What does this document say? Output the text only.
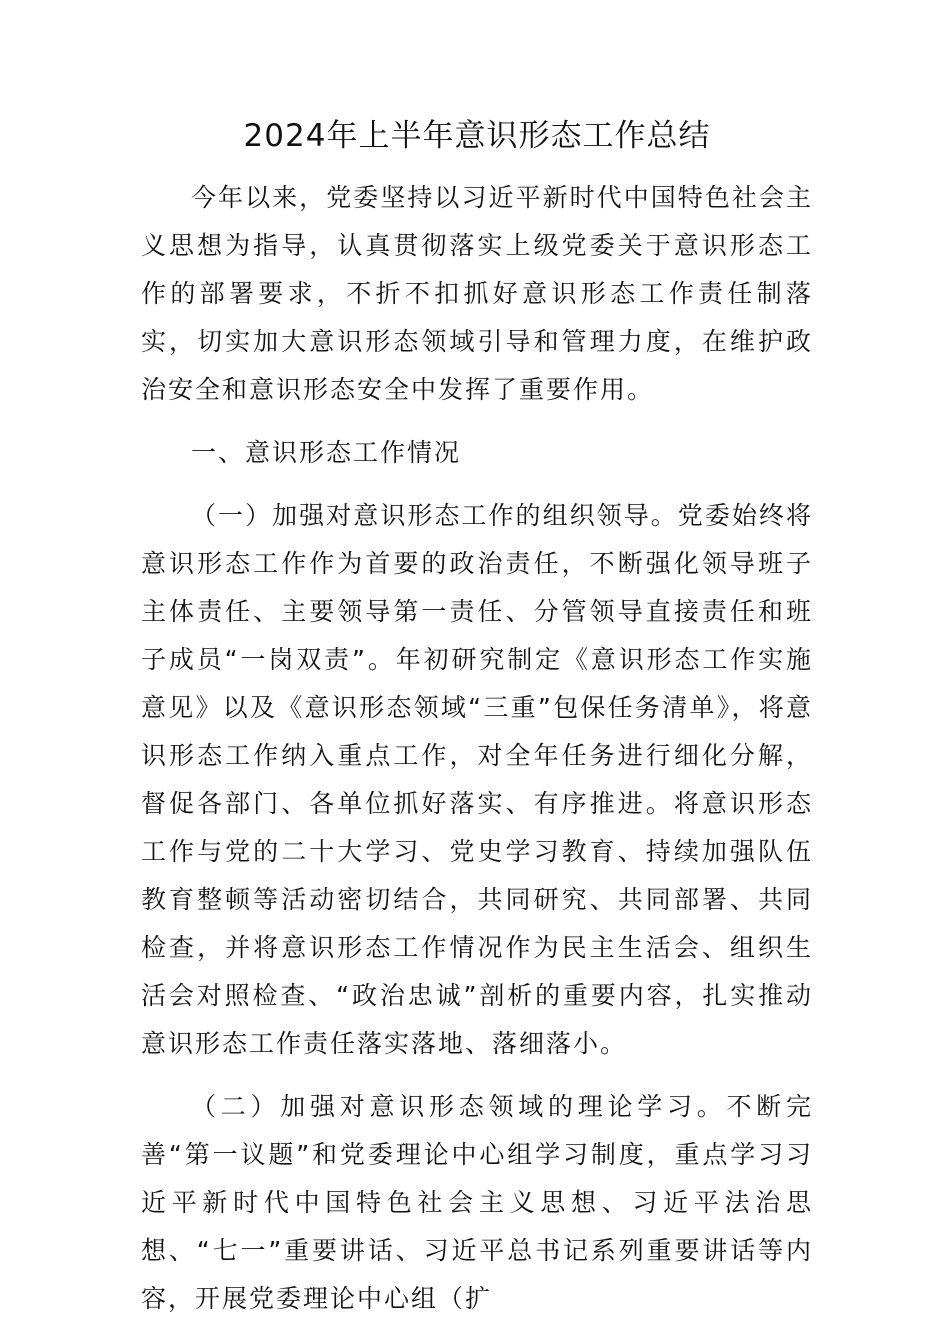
2024年上半年意识形态工作总结

今年以来，党委坚持以习近平新时代中国特色社会主义思想为指导，认真贯彻落实上级党委关于意识形态工作的部署要求，不折不扣抓好意识形态工作责任制落实，切实加大意识形态领域引导和管理力度，在维护政治安全和意识形态安全中发挥了重要作用。

一、意识形态工作情况

（一）加强对意识形态工作的组织领导。党委始终将意识形态工作作为首要的政治责任，不断强化领导班子主体责任、主要领导第一责任、分管领导直接责任和班子成员“一岗双责”。年初研究制定《意识形态工作实施意见》以及《意识形态领域“三重”包保任务清单》，将意识形态工作纳入重点工作，对全年任务进行细化分解，督促各部门、各单位抓好落实、有序推进。将意识形态工作与党的二十大学习、党史学习教育、持续加强队伍教育整顿等活动密切结合，共同研究、共同部署、共同检查，并将意识形态工作情况作为民主生活会、组织生活会对照检查、“政治忠诚”剖析的重要内容，扎实推动意识形态工作责任落实落地、落细落小。

（二）加强对意识形态领域的理论学习。不断完善“第一议题”和党委理论中心组学习制度，重点学习习近平新时代中国特色社会主义思想、习近平法治思想、“七一”重要讲话、习近平总书记系列重要讲话等内容，开展党委理论中心组（扩
